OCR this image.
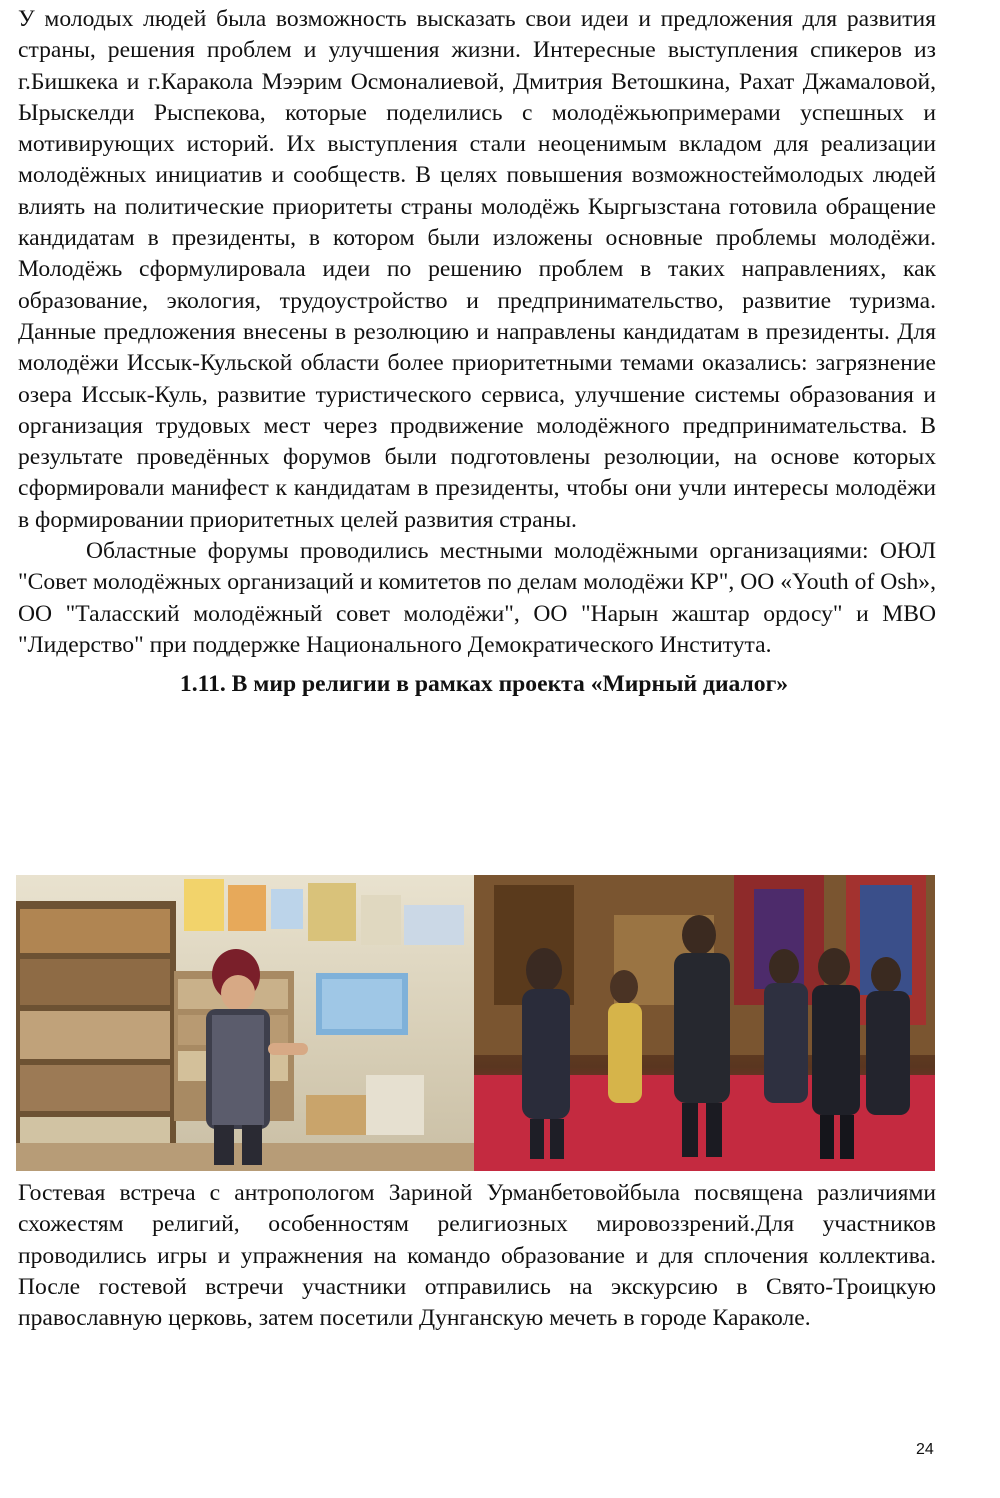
У молодых людей была возможность высказать свои идеи и предложения для развития страны, решения проблем и улучшения жизни. Интересные выступления спикеров из г.Бишкека и г.Каракола Мээрим Осмоналиевой, Дмитрия Ветошкина, Рахат Джамаловой, Ырыскелди Рыспекова, которые поделились с молодёжьюпримерами успешных и мотивирующих историй. Их выступления стали неоценимым вкладом для реализации молодёжных инициатив и сообществ. В целях повышения возможностеймолодых людей влиять на политические приоритеты страны молодёжь Кыргызстана готовила обращение кандидатам в президенты, в котором были изложены основные проблемы молодёжи. Молодёжь сформулировала идеи по решению проблем в таких направлениях, как образование, экология, трудоустройство и предпринимательство, развитие туризма. Данные предложения внесены в резолюцию и направлены кандидатам в президенты. Для молодёжи Иссык-Кульской области более приоритетными темами оказались: загрязнение озера Иссык-Куль, развитие туристического сервиса, улучшение системы образования и организация трудовых мест через продвижение молодёжного предпринимательства. В результате проведённых форумов были подготовлены резолюции, на основе которых сформировали манифест к кандидатам в президенты, чтобы они учли интересы молодёжи в формировании приоритетных целей развития страны.

Областные форумы проводились местными молодёжными организациями: ОЮЛ "Совет молодёжных организаций и комитетов по делам молодёжи КР", ОО «Youth of Osh», ОО "Таласский молодёжный совет молодёжи", ОО "Нарын жаштар ордосу" и МВО "Лидерство" при поддержке Национального Демократического Института.

1.11. В мир религии в рамках проекта «Мирный диалог»

Гостевая встреча с антропологом Зариной Урманбетовойбыла посвящена различиями схожестям религий, особенностям религиозных мировоззрений.Для участников проводились игры и упражнения на командо образование и для сплочения коллектива. После гостевой встречи участники отправились на экскурсию в Свято-Троицкую православную церковь, затем посетили Дунганскую мечеть в городе Караколе.

24
